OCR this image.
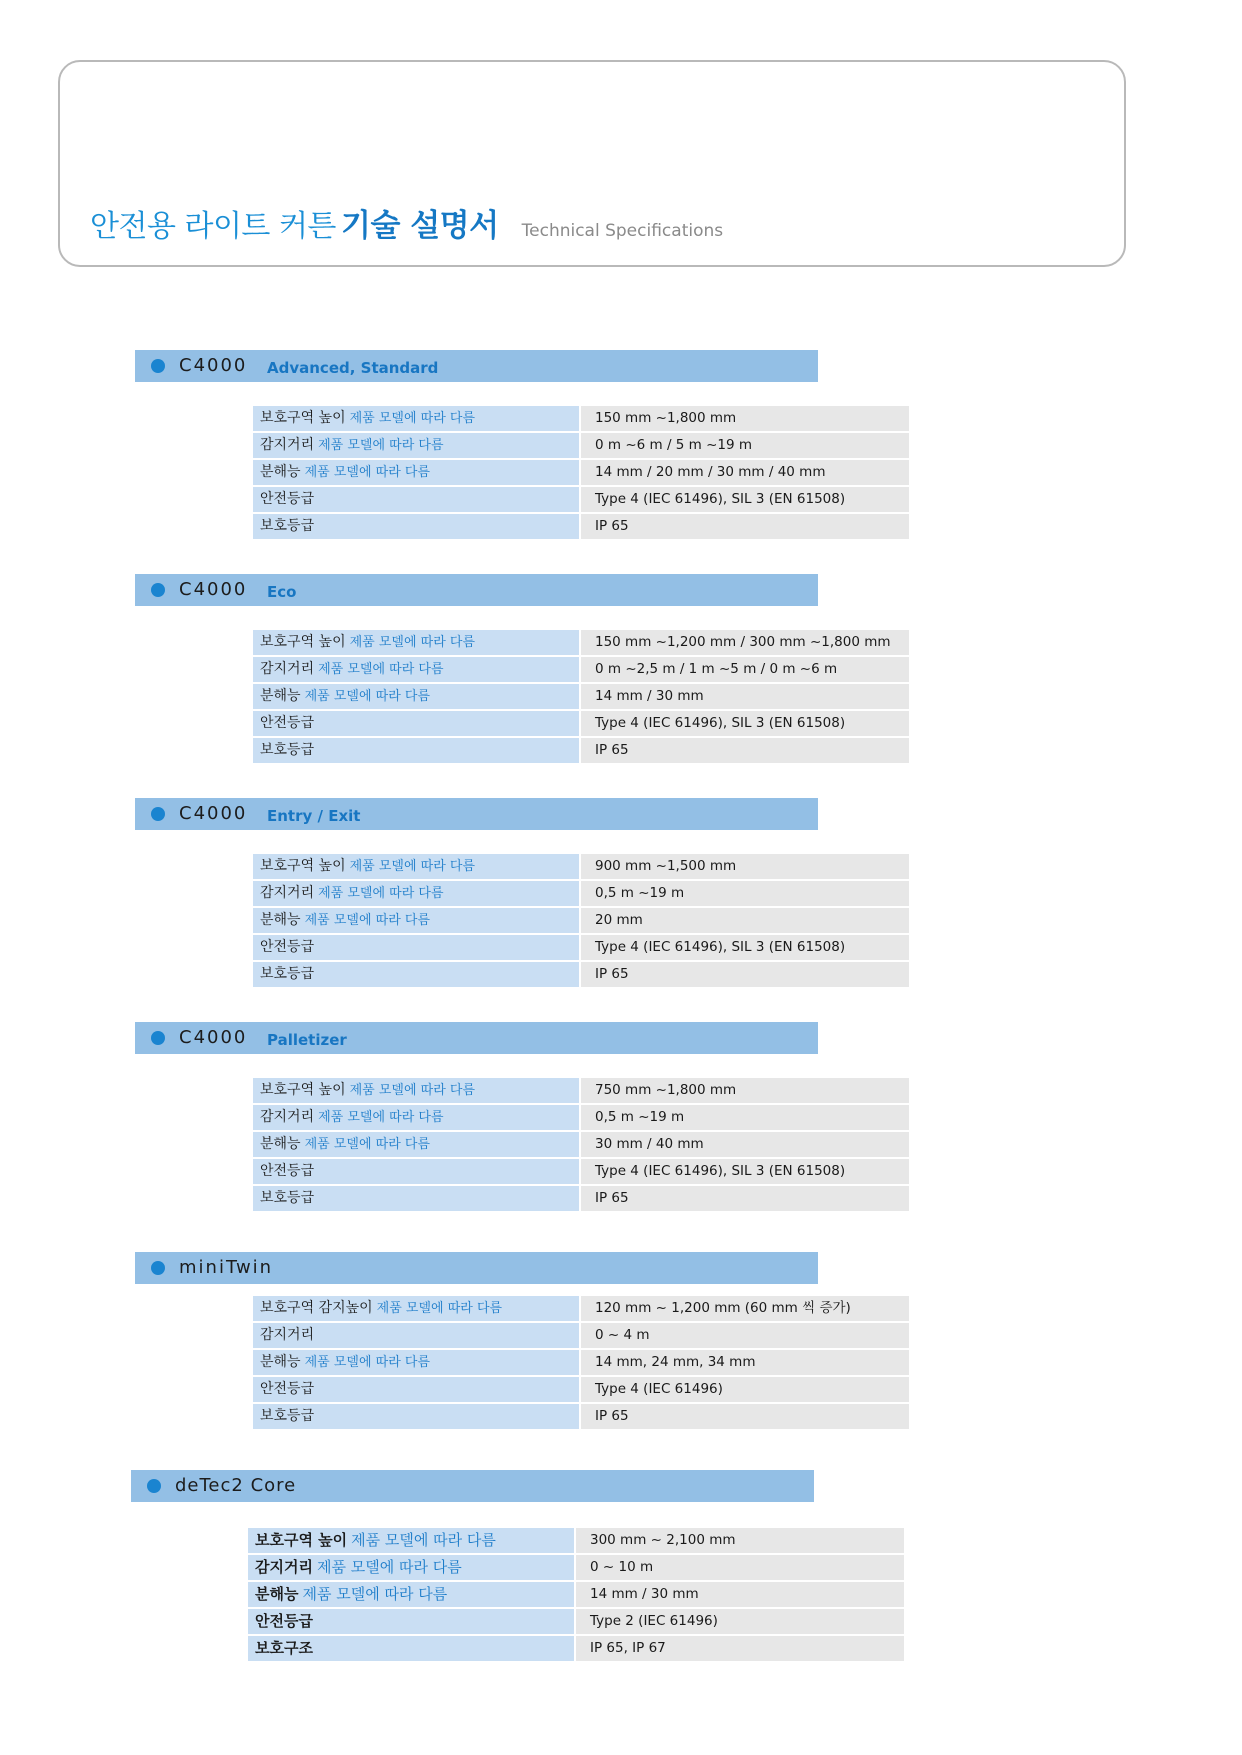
안전용 라이트 커튼 기술 설명서 Technical Specifications
C4000 Advanced, Standard
보호구역 높이 제품 모델에 따라 다름	150 mm ~1,800 mm
감지거리 제품 모델에 따라 다름	0 m ~6 m / 5 m ~19 m
분해능 제품 모델에 따라 다름	14 mm / 20 mm / 30 mm / 40 mm
안전등급	Type 4 (IEC 61496), SIL 3 (EN 61508)
보호등급	IP 65
C4000 Eco
보호구역 높이 제품 모델에 따라 다름	150 mm ~1,200 mm / 300 mm ~1,800 mm
감지거리 제품 모델에 따라 다름	0 m ~2,5 m / 1 m ~5 m / 0 m ~6 m
분해능 제품 모델에 따라 다름	14 mm / 30 mm
안전등급	Type 4 (IEC 61496), SIL 3 (EN 61508)
보호등급	IP 65
C4000 Entry / Exit
보호구역 높이 제품 모델에 따라 다름	900 mm ~1,500 mm
감지거리 제품 모델에 따라 다름	0,5 m ~19 m
분해능 제품 모델에 따라 다름	20 mm
안전등급	Type 4 (IEC 61496), SIL 3 (EN 61508)
보호등급	IP 65
C4000 Palletizer
보호구역 높이 제품 모델에 따라 다름	750 mm ~1,800 mm
감지거리 제품 모델에 따라 다름	0,5 m ~19 m
분해능 제품 모델에 따라 다름	30 mm / 40 mm
안전등급	Type 4 (IEC 61496), SIL 3 (EN 61508)
보호등급	IP 65
miniTwin
보호구역 감지높이 제품 모델에 따라 다름	120 mm ~ 1,200 mm (60 mm 씩 증가)
감지거리	0 ~ 4 m
분해능 제품 모델에 따라 다름	14 mm, 24 mm, 34 mm
안전등급	Type 4 (IEC 61496)
보호등급	IP 65
deTec2 Core
보호구역 높이 제품 모델에 따라 다름	300 mm ~ 2,100 mm
감지거리 제품 모델에 따라 다름	0 ~ 10 m
분해능 제품 모델에 따라 다름	14 mm / 30 mm
안전등급	Type 2 (IEC 61496)
보호구조	IP 65, IP 67
